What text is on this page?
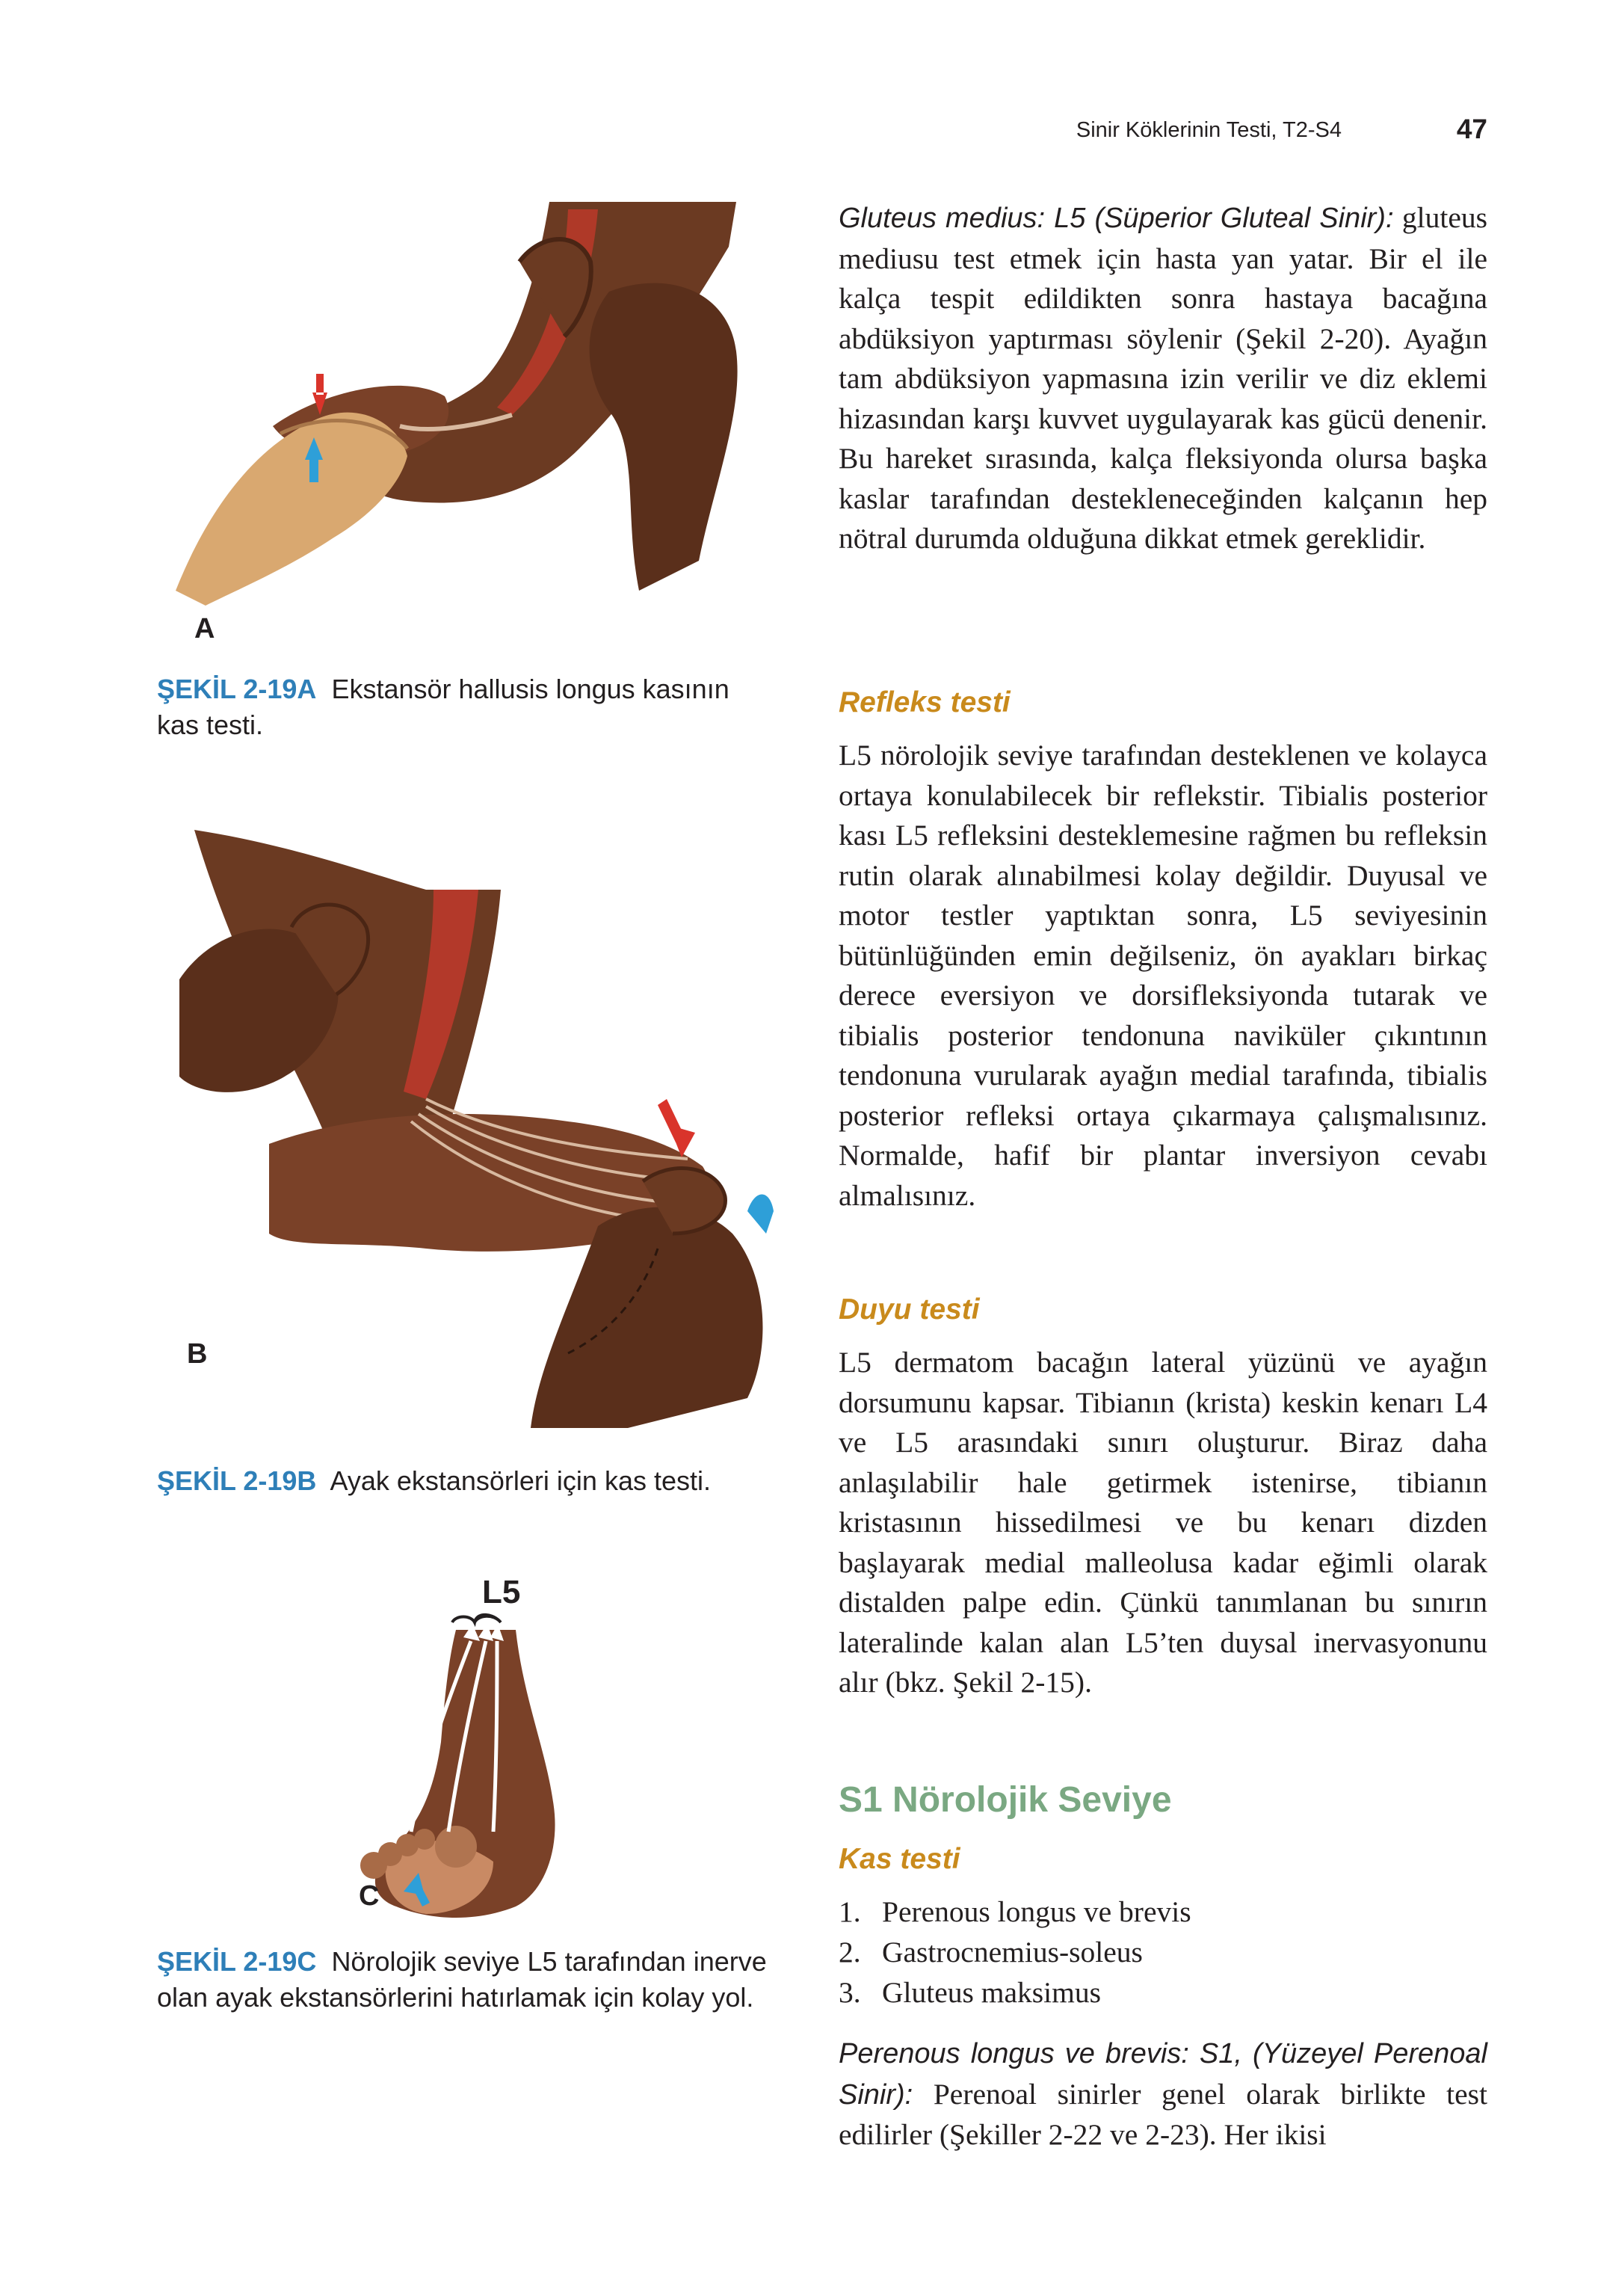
Sinir Köklerinin Testi, T2-S4	47
A
ŞEKİL 2-19A Ekstansör hallusis longus kasının kas testi.
B
ŞEKİL 2-19B Ayak ekstansörleri için kas testi.
L5
C
ŞEKİL 2-19C Nörolojik seviye L5 tarafından inerve olan ayak ekstansörlerini hatırlamak için kolay yol.

Gluteus medius: L5 (Süperior Gluteal Sinir): gluteus mediusu test etmek için hasta yan yatar. Bir el ile kalça tespit edildikten sonra hastaya bacağına abdüksiyon yaptırması söylenir (Şekil 2-20). Ayağın tam abdüksiyon yapmasına izin verilir ve diz eklemi hizasından karşı kuvvet uygulayarak kas gücü denenir. Bu hareket sırasında, kalça fleksiyonda olursa başka kaslar tarafından destekleneceğinden kalçanın hep nötral durumda olduğuna dikkat etmek gereklidir.

Refleks testi

L5 nörolojik seviye tarafından desteklenen ve kolayca ortaya konulabilecek bir reflekstir. Tibialis posterior kası L5 refleksini desteklemesine rağmen bu refleksin rutin olarak alınabilmesi kolay değildir. Duyusal ve motor testler yaptıktan sonra, L5 seviyesinin bütünlüğünden emin değilseniz, ön ayakları birkaç derece eversiyon ve dorsifleksiyonda tutarak ve tibialis posterior tendonuna naviküler çıkıntının tendonuna vurularak ayağın medial tarafında, tibialis posterior refleksi ortaya çıkarmaya çalışmalısınız. Normalde, hafif bir plantar inversiyon cevabı almalısınız.

Duyu testi

L5 dermatom bacağın lateral yüzünü ve ayağın dorsumunu kapsar. Tibianın (krista) keskin kenarı L4 ve L5 arasındaki sınırı oluşturur. Biraz daha anlaşılabilir hale getirmek istenirse, tibianın kristasının hissedilmesi ve bu kenarı dizden başlayarak medial malleolusa kadar eğimli olarak distalden palpe edin. Çünkü tanımlanan bu sınırın lateralinde kalan alan L5’ten duysal inervasyonunu alır (bkz. Şekil 2-15).

S1 Nörolojik Seviye
Kas testi
1. Perenous longus ve brevis
2. Gastrocnemius-soleus
3. Gluteus maksimus

Perenous longus ve brevis: S1, (Yüzeyel Perenoal Sinir): Perenoal sinirler genel olarak birlikte test edilirler (Şekiller 2-22 ve 2-23). Her ikisi
